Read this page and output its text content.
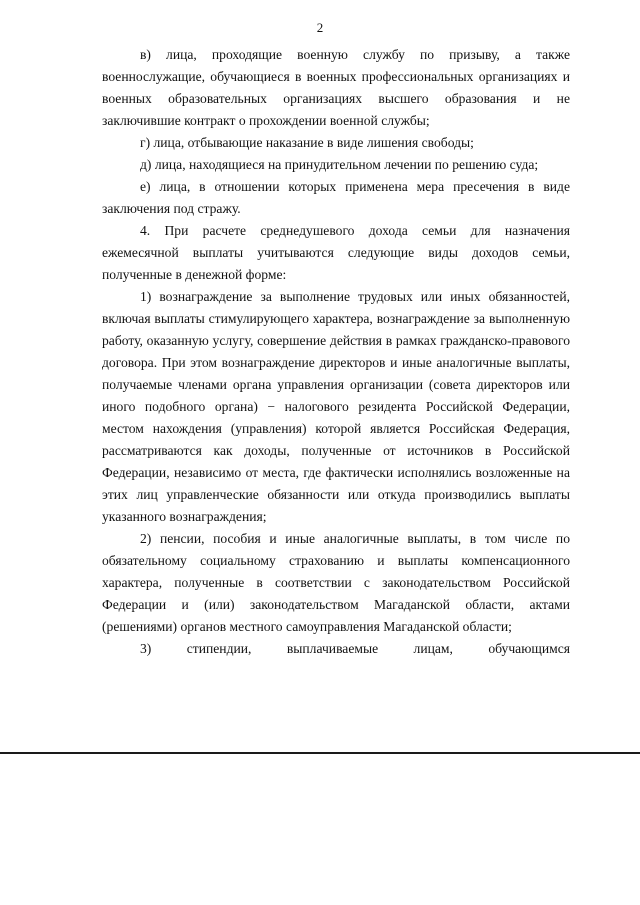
2

в) лица, проходящие военную службу по призыву, а также военнослужащие, обучающиеся в военных профессиональных организациях и военных образовательных организациях высшего образования и не заключившие контракт о прохождении военной службы;

г) лица, отбывающие наказание в виде лишения свободы;

д) лица, находящиеся на принудительном лечении по решению суда;

е) лица, в отношении которых применена мера пресечения в виде заключения под стражу.

4. При расчете среднедушевого дохода семьи для назначения ежемесячной выплаты учитываются следующие виды доходов семьи, полученные в денежной форме:

1) вознаграждение за выполнение трудовых или иных обязанностей, включая выплаты стимулирующего характера, вознаграждение за выполненную работу, оказанную услугу, совершение действия в рамках гражданско-правового договора. При этом вознаграждение директоров и иные аналогичные выплаты, получаемые членами органа управления организации (совета директоров или иного подобного органа) − налогового резидента Российской Федерации, местом нахождения (управления) которой является Российская Федерация, рассматриваются как доходы, полученные от источников в Российской Федерации, независимо от места, где фактически исполнялись возложенные на этих лиц управленческие обязанности или откуда производились выплаты указанного вознаграждения;

2) пенсии, пособия и иные аналогичные выплаты, в том числе по обязательному социальному страхованию и выплаты компенсационного характера, полученные в соответствии с законодательством Российской Федерации и (или) законодательством Магаданской области, актами (решениями) органов местного самоуправления Магаданской области;

3) стипендии, выплачиваемые лицам, обучающимся
